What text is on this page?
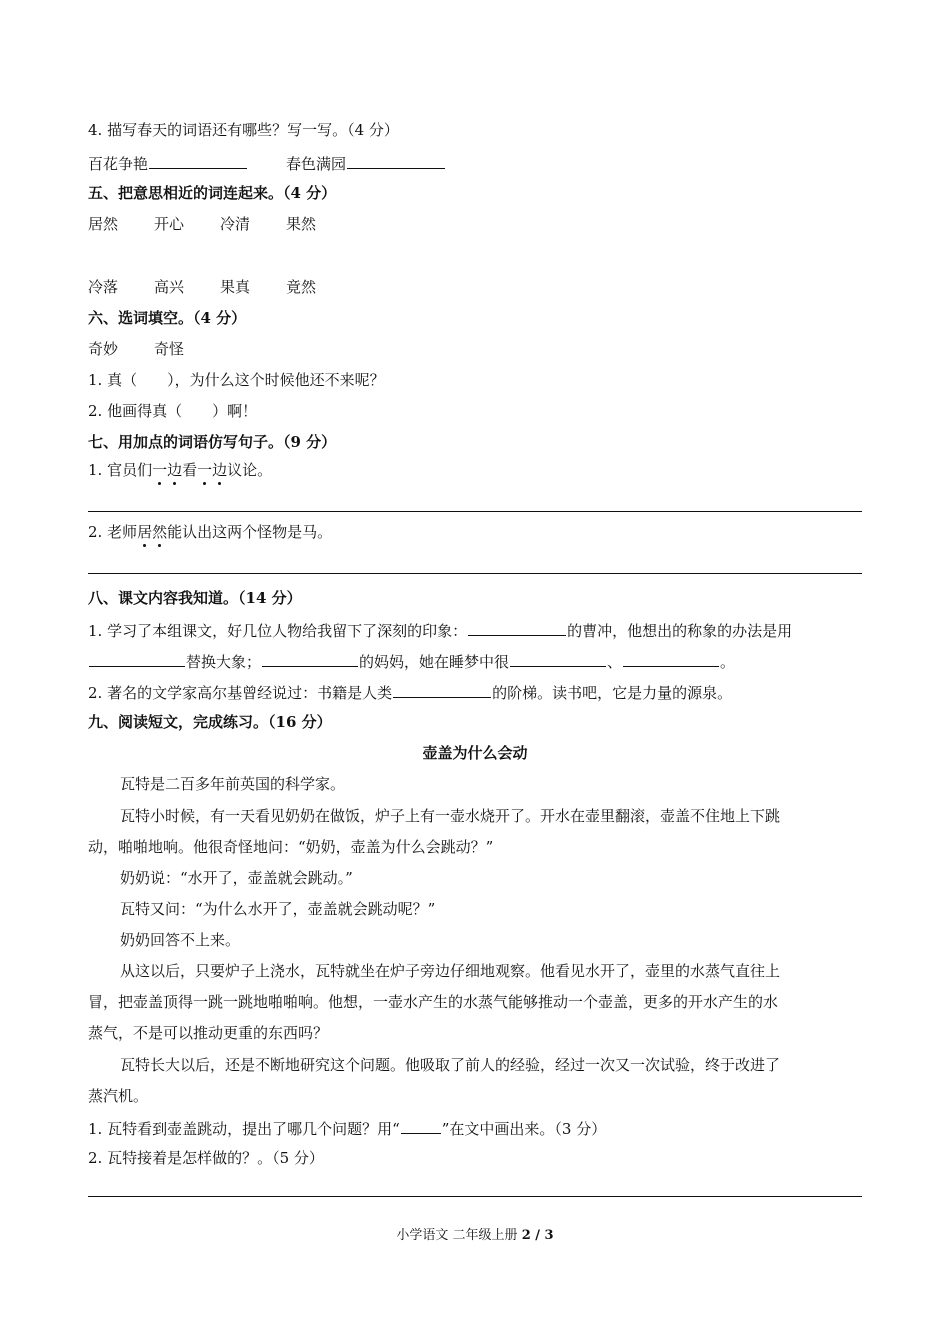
4. 描写春天的词语还有哪些？写一写。（4 分）
百花争艳	春色满园
五、把意思相近的词连起来。（4 分）
居然 开心 冷清 果然
冷落 高兴 果真 竟然
六、选词填空。（4 分）
奇妙 奇怪
1. 真（ ），为什么这个时候他还不来呢？
2. 他画得真（ ）啊！
七、用加点的词语仿写句子。（9 分）
1. 官员们一边看一边议论。
2. 老师居然能认出这两个怪物是马。
八、课文内容我知道。（14 分）
1. 学习了本组课文，好几位人物给我留下了深刻的印象：	的曹冲，他想出的称象的办法是用
替换大象；	的妈妈，她在睡梦中很	、	。
2. 著名的文学家高尔基曾经说过：书籍是人类	的阶梯。读书吧，它是力量的源泉。
九、阅读短文，完成练习。（16 分）
壶盖为什么会动
瓦特是二百多年前英国的科学家。
瓦特小时候，有一天看见奶奶在做饭，炉子上有一壶水烧开了。开水在壶里翻滚，壶盖不住地上下跳
动，啪啪地响。他很奇怪地问：“奶奶，壶盖为什么会跳动？”
奶奶说：“水开了，壶盖就会跳动。”
瓦特又问：“为什么水开了，壶盖就会跳动呢？”
奶奶回答不上来。
从这以后，只要炉子上浇水，瓦特就坐在炉子旁边仔细地观察。他看见水开了，壶里的水蒸气直往上
冒，把壶盖顶得一跳一跳地啪啪响。他想，一壶水产生的水蒸气能够推动一个壶盖，更多的开水产生的水
蒸气，不是可以推动更重的东西吗？
瓦特长大以后，还是不断地研究这个问题。他吸取了前人的经验，经过一次又一次试验，终于改进了
蒸汽机。
1. 瓦特看到壶盖跳动，提出了哪几个问题？用“	”在文中画出来。（3 分）
2. 瓦特接着是怎样做的？。（5 分）
小学语文 二年级上册 2 / 3
